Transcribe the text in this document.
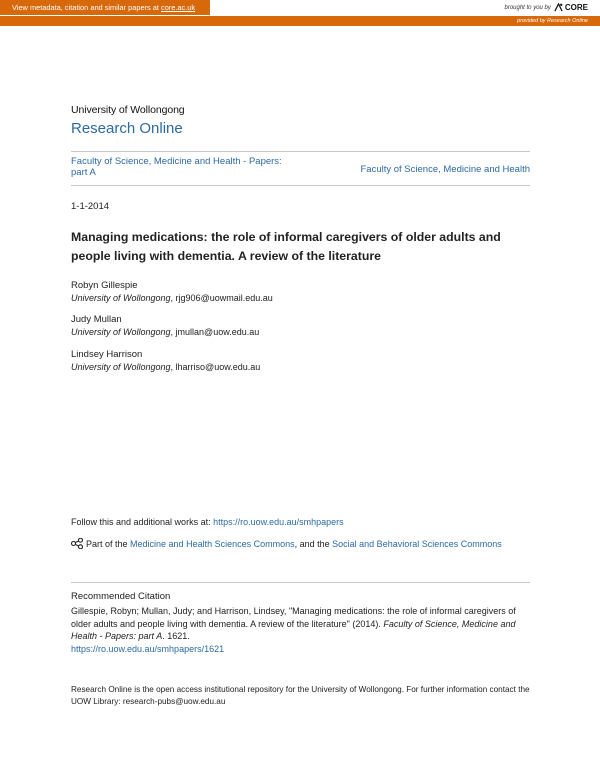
View metadata, citation and similar papers at core.ac.uk	brought to you by CORE
provided by Research Online
University of Wollongong
Research Online
Faculty of Science, Medicine and Health - Papers: part A	Faculty of Science, Medicine and Health
1-1-2014
Managing medications: the role of informal caregivers of older adults and people living with dementia. A review of the literature
Robyn Gillespie
University of Wollongong, rjg906@uowmail.edu.au
Judy Mullan
University of Wollongong, jmullan@uow.edu.au
Lindsey Harrison
University of Wollongong, lharriso@uow.edu.au
Follow this and additional works at: https://ro.uow.edu.au/smhpapers
Part of the Medicine and Health Sciences Commons, and the Social and Behavioral Sciences Commons
Recommended Citation
Gillespie, Robyn; Mullan, Judy; and Harrison, Lindsey, "Managing medications: the role of informal caregivers of older adults and people living with dementia. A review of the literature" (2014). Faculty of Science, Medicine and Health - Papers: part A. 1621.
https://ro.uow.edu.au/smhpapers/1621
Research Online is the open access institutional repository for the University of Wollongong. For further information contact the UOW Library: research-pubs@uow.edu.au
